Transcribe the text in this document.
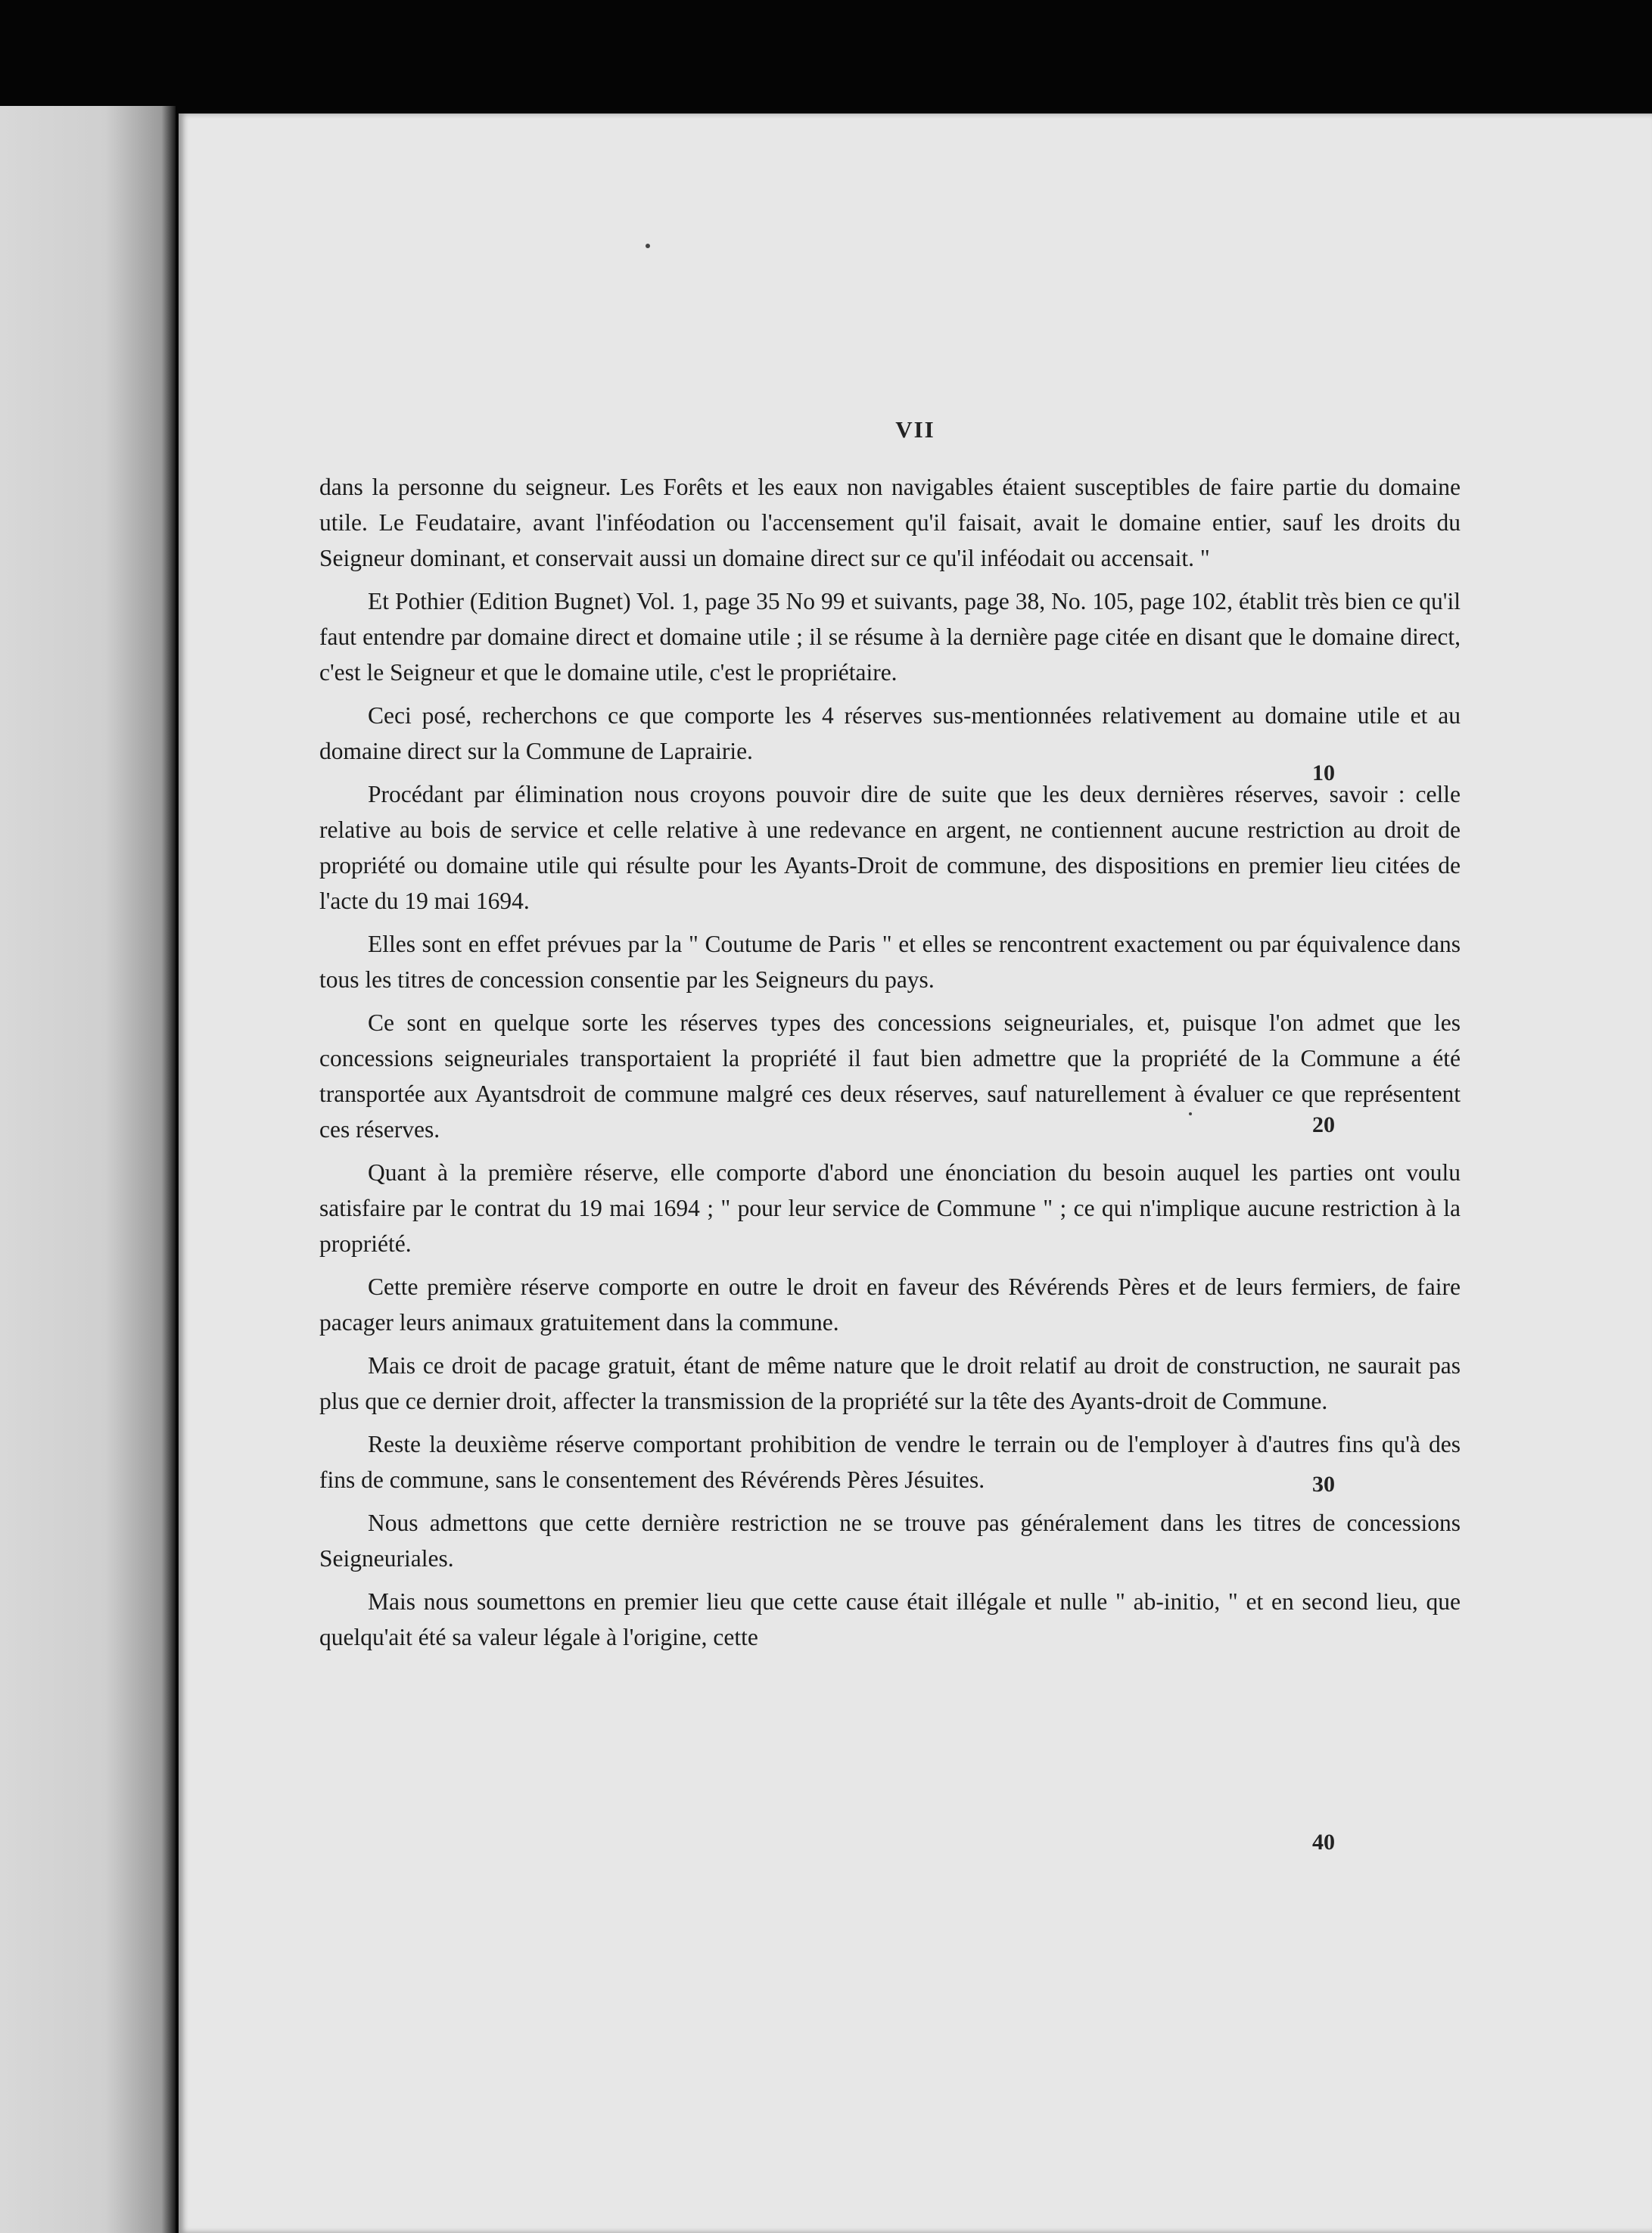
VII

dans la personne du seigneur. Les Forêts et les eaux non navigables étaient susceptibles de faire partie du domaine utile. Le Feudataire, avant l'inféodation ou l'accensement qu'il faisait, avait le domaine entier, sauf les droits du Seigneur dominant, et conservait aussi un domaine direct sur ce qu'il inféodait ou accensait. "

Et Pothier (Edition Bugnet) Vol. 1, page 35 No 99 et suivants, page 38, No. 105, page 102, établit très bien ce qu'il faut entendre par domaine direct et domaine utile ; il se résume à la dernière page citée en disant que le domaine direct, c'est le Seigneur et que le domaine utile, c'est le propriétaire.

Ceci posé, recherchons ce que comporte les 4 réserves sus-mentionnées relativement au domaine utile et au domaine direct sur la Commune de Laprairie.

Procédant par élimination nous croyons pouvoir dire de suite que les deux dernières réserves, savoir : celle relative au bois de service et celle relative à une redevance en argent, ne contiennent aucune restriction au droit de propriété ou domaine utile qui résulte pour les Ayants-Droit de commune, des dispositions en premier lieu citées de l'acte du 19 mai 1694.

Elles sont en effet prévues par la " Coutume de Paris " et elles se rencontrent exactement ou par équivalence dans tous les titres de concession consentie par les Seigneurs du pays.

Ce sont en quelque sorte les réserves types des concessions seigneuriales, et, puisque l'on admet que les concessions seigneuriales transportaient la propriété il faut bien admettre que la propriété de la Commune a été transportée aux Ayantsdroit de commune malgré ces deux réserves, sauf naturellement à évaluer ce que représentent ces réserves.

Quant à la première réserve, elle comporte d'abord une énonciation du besoin auquel les parties ont voulu satisfaire par le contrat du 19 mai 1694 ; " pour leur service de Commune " ; ce qui n'implique aucune restriction à la propriété.

Cette première réserve comporte en outre le droit en faveur des Révérends Pères et de leurs fermiers, de faire pacager leurs animaux gratuitement dans la commune.

Mais ce droit de pacage gratuit, étant de même nature que le droit relatif au droit de construction, ne saurait pas plus que ce dernier droit, affecter la transmission de la propriété sur la tête des Ayants-droit de Commune.

Reste la deuxième réserve comportant prohibition de vendre le terrain ou de l'employer à d'autres fins qu'à des fins de commune, sans le consentement des Révérends Pères Jésuites.

Nous admettons que cette dernière restriction ne se trouve pas généralement dans les titres de concessions Seigneuriales.

Mais nous soumettons en premier lieu que cette cause était illégale et nulle " ab-initio, " et en second lieu, que quelqu'ait été sa valeur légale à l'origine, cette

10
20
30
40
